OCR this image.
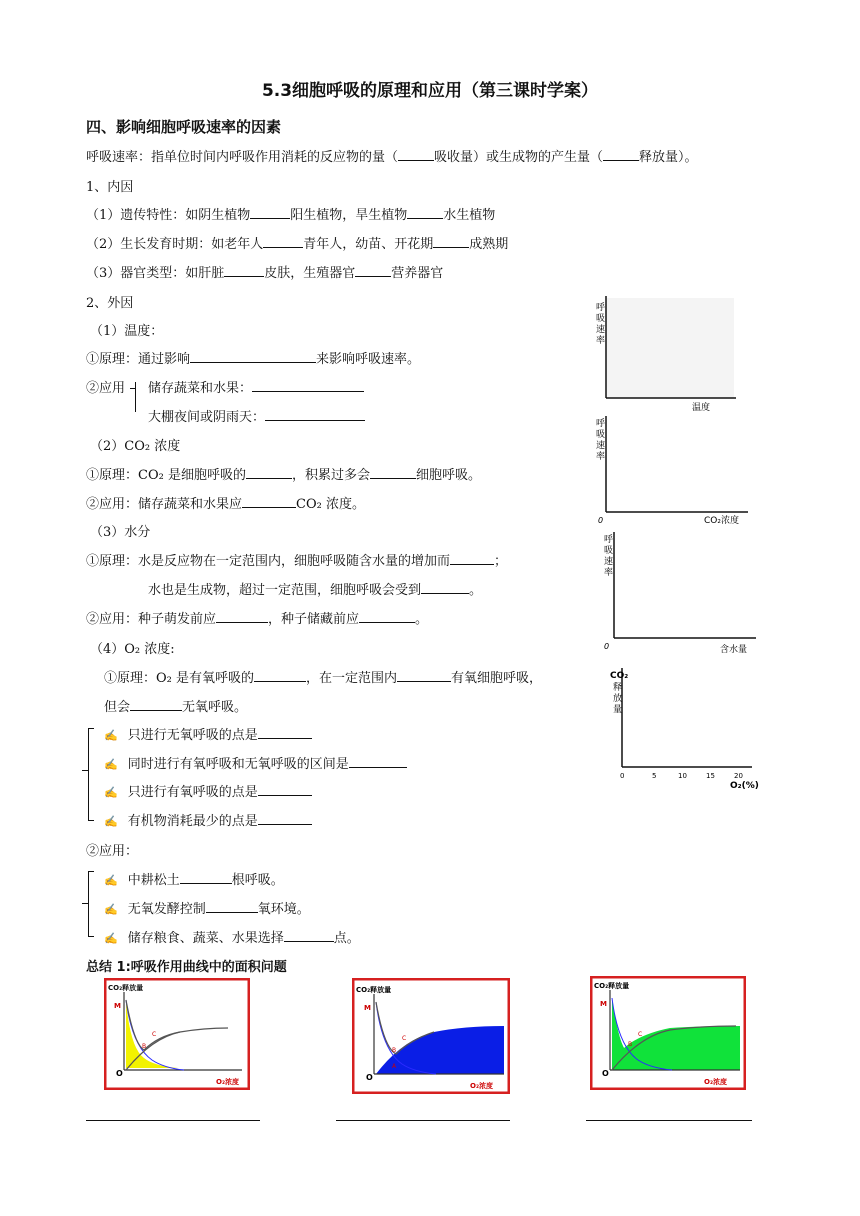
5.3细胞呼吸的原理和应用（第三课时学案）
四、影响细胞呼吸速率的因素
呼吸速率：指单位时间内呼吸作用消耗的反应物的量（	吸收量）或生成物的产生量（	释放量）。
1、内因
（1）遗传特性：如阴生植物	阳生植物，旱生植物	水生植物
（2）生长发育时期：如老年人	青年人，幼苗、开花期	成熟期
（3）器官类型：如肝脏	皮肤，生殖器官	营养器官
2、外因
（1）温度：
①原理：通过影响	来影响呼吸速率。
②应用 储存蔬菜和水果：
大棚夜间或阴雨天：
（2）CO₂ 浓度
①原理：CO₂ 是细胞呼吸的	，积累过多会	细胞呼吸。
②应用：储存蔬菜和水果应	CO₂ 浓度。
（3）水分
①原理：水是反应物在一定范围内，细胞呼吸随含水量的增加而	；
水也是生成物，超过一定范围，细胞呼吸会受到	。
②应用：种子萌发前应	，种子储藏前应	。
（4）O₂ 浓度:
①原理：O₂ 是有氧呼吸的	，在一定范围内	有氧细胞呼吸，
但会	无氧呼吸。
✍ 只进行无氧呼吸的点是
✍ 同时进行有氧呼吸和无氧呼吸的区间是
✍ 只进行有氧呼吸的点是
✍ 有机物消耗最少的点是
②应用：
✍ 中耕松土	根呼吸。
✍ 无氧发酵控制	氧环境。
✍ 储存粮食、蔬菜、水果选择	点。
总结 1:呼吸作用曲线中的面积问题
呼吸速率
温度
呼吸速率
0	CO₂浓度
呼吸速率
0	含水量
CO₂
释放量
0	5	10	15	20
O₂(%)
CO₂释放量
M
O
B
C
O₂浓度
CO₂释放量
M
O
B
C
A
O₂浓度
CO₂释放量
M
O
B
C
O₂浓度
